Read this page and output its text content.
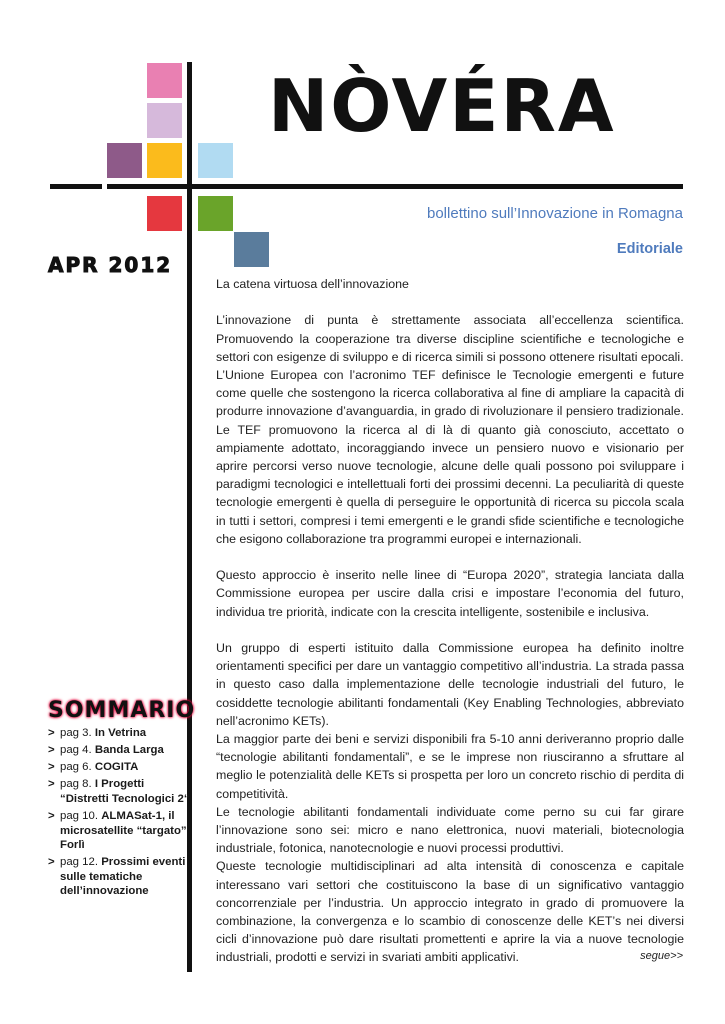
NÒVÉRA
bollettino sull’Innovazione in Romagna
Editoriale
APR 2012

La catena virtuosa dell’innovazione

L’innovazione di punta è strettamente associata all’eccellenza scientifica. Promuovendo la cooperazione tra diverse discipline scientifiche e tecnologiche e settori con esigenze di sviluppo e di ricerca simili si possono ottenere risultati epocali.

L’Unione Europea con l’acronimo TEF definisce le Tecnologie emergenti e future come quelle che sostengono la ricerca collaborativa al fine di ampliare la capacità di produrre innovazione d’avanguardia, in grado di rivoluzionare il pensiero tradizionale. Le TEF promuovono la ricerca al di là di quanto già conosciuto, accettato o ampiamente adottato, incoraggiando invece un pensiero nuovo e visionario per aprire percorsi verso nuove tecnologie, alcune delle quali possono poi sviluppare i paradigmi tecnologici e intellettuali forti dei prossimi decenni. La peculiarità di queste tecnologie emergenti è quella di perseguire le opportunità di ricerca su piccola scala in tutti i settori, compresi i temi emergenti e le grandi sfide scientifiche e tecnologiche che esigono collaborazione tra programmi europei e internazionali.

Questo approccio è inserito nelle linee di “Europa 2020”, strategia lanciata dalla Commissione europea per uscire dalla crisi e impostare l’economia del futuro, individua tre priorità, indicate con la crescita intelligente, sostenibile e inclusiva.

Un gruppo di esperti istituito dalla Commissione europea ha definito inoltre orientamenti specifici per dare un vantaggio competitivo all’industria. La strada passa in questo caso dalla implementazione delle tecnologie industriali del futuro, le cosiddette tecnologie abilitanti fondamentali (Key Enabling Technologies, abbreviato nell’acronimo KETs).

La maggior parte dei beni e servizi disponibili fra 5-10 anni deriveranno proprio dalle “tecnologie abilitanti fondamentali”, e se le imprese non riusciranno a sfruttare al meglio le potenzialità delle KETs si prospetta per loro un concreto rischio di perdita di competitività.

Le tecnologie abilitanti fondamentali individuate come perno su cui far girare l’innovazione sono sei: micro e nano elettronica, nuovi materiali, biotecnologia industriale, fotonica, nanotecnologie e nuovi processi produttivi.

Queste tecnologie multidisciplinari ad alta intensità di conoscenza e capitale interessano vari settori che costituiscono la base di un significativo vantaggio concorrenziale per l’industria. Un approccio integrato in grado di promuovere la combinazione, la convergenza e lo scambio di conoscenze delle KET’s nei diversi cicli d’innovazione può dare risultati promettenti e aprire la via a nuove tecnologie industriali, prodotti e servizi in svariati ambiti applicativi.	segue>>
SOMMARIO
> pag 3. In Vetrina
> pag 4. Banda Larga
> pag 6. COGITA
> pag 8. I Progetti “Distretti Tecnologici 2“
> pag 10. ALMASat-1, il microsatellite “targato” Forlì
> pag 12. Prossimi eventi sulle tematiche dell’innovazione
